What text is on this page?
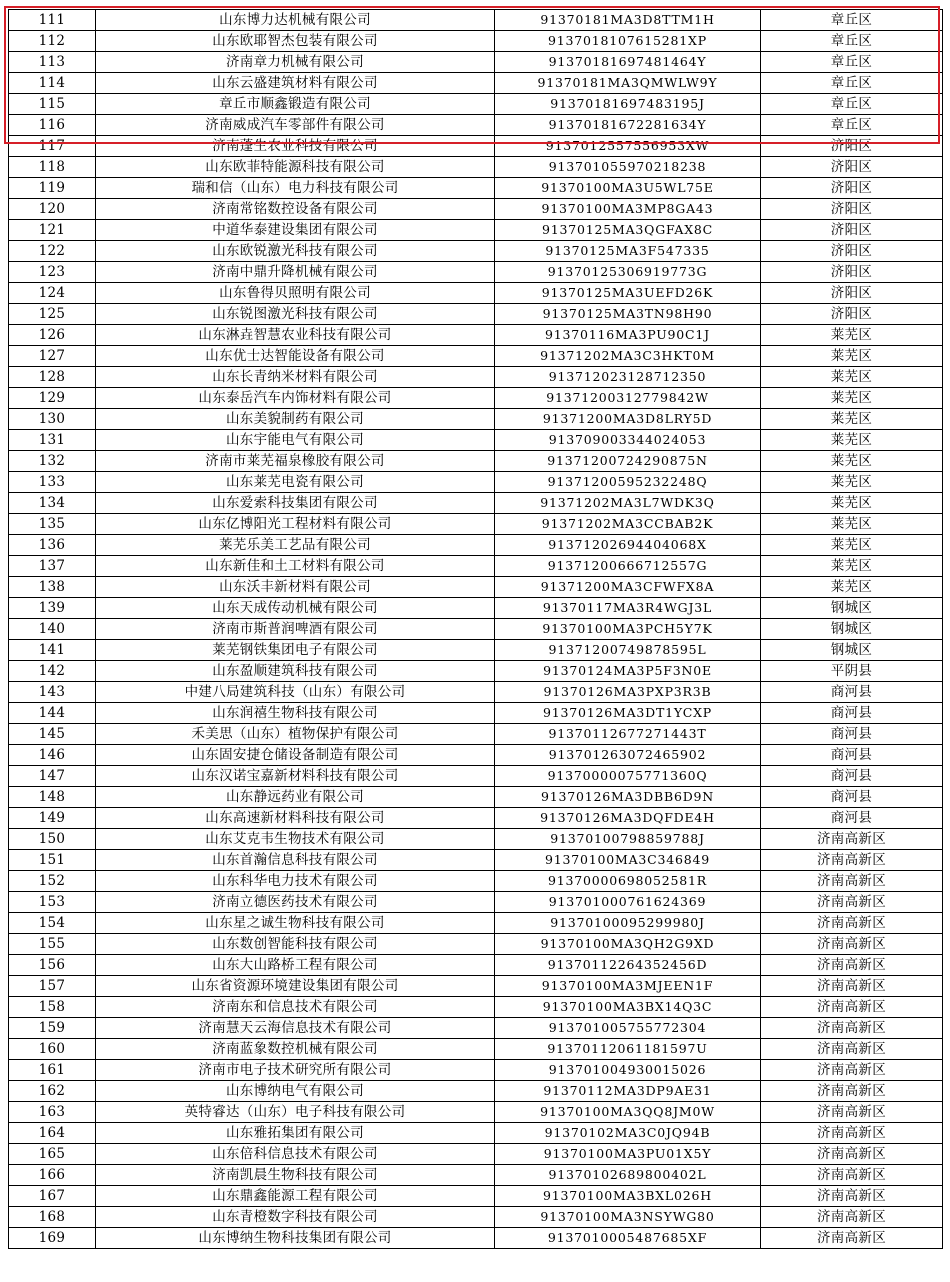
111	山东博力达机械有限公司	91370181MA3D8TTM1H	章丘区
112	山东欧耶智杰包装有限公司	9137018107615281XP	章丘区
113	济南章力机械有限公司	91370181697481464Y	章丘区
114	山东云盛建筑材料有限公司	91370181MA3QMWLW9Y	章丘区
115	章丘市顺鑫锻造有限公司	91370181697483195J	章丘区
116	济南威成汽车零部件有限公司	91370181672281634Y	章丘区
117	济南蓬生农业科技有限公司	9137012557556953XW	济阳区
118	山东欧菲特能源科技有限公司	913701055970218238	济阳区
119	瑞和信（山东）电力科技有限公司	91370100MA3U5WL75E	济阳区
120	济南常铭数控设备有限公司	91370100MA3MP8GA43	济阳区
121	中道华泰建设集团有限公司	91370125MA3QGFAX8C	济阳区
122	山东欧锐激光科技有限公司	91370125MA3F547335	济阳区
123	济南中鼎升降机械有限公司	91370125306919773G	济阳区
124	山东鲁得贝照明有限公司	91370125MA3UEFD26K	济阳区
125	山东锐图激光科技有限公司	91370125MA3TN98H90	济阳区
126	山东淋垚智慧农业科技有限公司	91370116MA3PU90C1J	莱芜区
127	山东优士达智能设备有限公司	91371202MA3C3HKT0M	莱芜区
128	山东长青纳米材料有限公司	913712023128712350	莱芜区
129	山东泰岳汽车内饰材料有限公司	91371200312779842W	莱芜区
130	山东美貌制药有限公司	91371200MA3D8LRY5D	莱芜区
131	山东宇能电气有限公司	913709003344024053	莱芜区
132	济南市莱芜福泉橡胶有限公司	91371200724290875N	莱芜区
133	山东莱芜电瓷有限公司	91371200595232248Q	莱芜区
134	山东爱索科技集团有限公司	91371202MA3L7WDK3Q	莱芜区
135	山东亿博阳光工程材料有限公司	91371202MA3CCBAB2K	莱芜区
136	莱芜乐美工艺品有限公司	91371202694404068X	莱芜区
137	山东新佳和土工材料有限公司	91371200666712557G	莱芜区
138	山东沃丰新材料有限公司	91371200MA3CFWFX8A	莱芜区
139	山东天成传动机械有限公司	91370117MA3R4WGJ3L	钢城区
140	济南市斯普润啤酒有限公司	91370100MA3PCH5Y7K	钢城区
141	莱芜钢铁集团电子有限公司	91371200749878595L	钢城区
142	山东盈顺建筑科技有限公司	91370124MA3P5F3N0E	平阴县
143	中建八局建筑科技（山东）有限公司	91370126MA3PXP3R3B	商河县
144	山东润禧生物科技有限公司	91370126MA3DT1YCXP	商河县
145	禾美思（山东）植物保护有限公司	91370112677271443T	商河县
146	山东固安捷仓储设备制造有限公司	913701263072465902	商河县
147	山东汉诺宝嘉新材料科技有限公司	91370000075771360Q	商河县
148	山东静远药业有限公司	91370126MA3DBB6D9N	商河县
149	山东高速新材料科技有限公司	91370126MA3DQFDE4H	商河县
150	山东艾克韦生物技术有限公司	91370100798859788J	济南高新区
151	山东首瀚信息科技有限公司	91370100MA3C346849	济南高新区
152	山东科华电力技术有限公司	91370000698052581R	济南高新区
153	济南立德医药技术有限公司	913701000761624369	济南高新区
154	山东星之诚生物科技有限公司	91370100095299980J	济南高新区
155	山东数创智能科技有限公司	91370100MA3QH2G9XD	济南高新区
156	山东大山路桥工程有限公司	91370112264352456D	济南高新区
157	山东省资源环境建设集团有限公司	91370100MA3MJEEN1F	济南高新区
158	济南东和信息技术有限公司	91370100MA3BX14Q3C	济南高新区
159	济南慧天云海信息技术有限公司	913701005755772304	济南高新区
160	济南蓝象数控机械有限公司	91370112061181597U	济南高新区
161	济南市电子技术研究所有限公司	913701004930015026	济南高新区
162	山东博纳电气有限公司	91370112MA3DP9AE31	济南高新区
163	英特睿达（山东）电子科技有限公司	91370100MA3QQ8JM0W	济南高新区
164	山东雅拓集团有限公司	91370102MA3C0JQ94B	济南高新区
165	山东倍科信息技术有限公司	91370100MA3PU01X5Y	济南高新区
166	济南凯晨生物科技有限公司	91370102689800402L	济南高新区
167	山东鼎鑫能源工程有限公司	91370100MA3BXL026H	济南高新区
168	山东青橙数字科技有限公司	91370100MA3NSYWG80	济南高新区
169	山东博纳生物科技集团有限公司	9137010005487685XF	济南高新区
